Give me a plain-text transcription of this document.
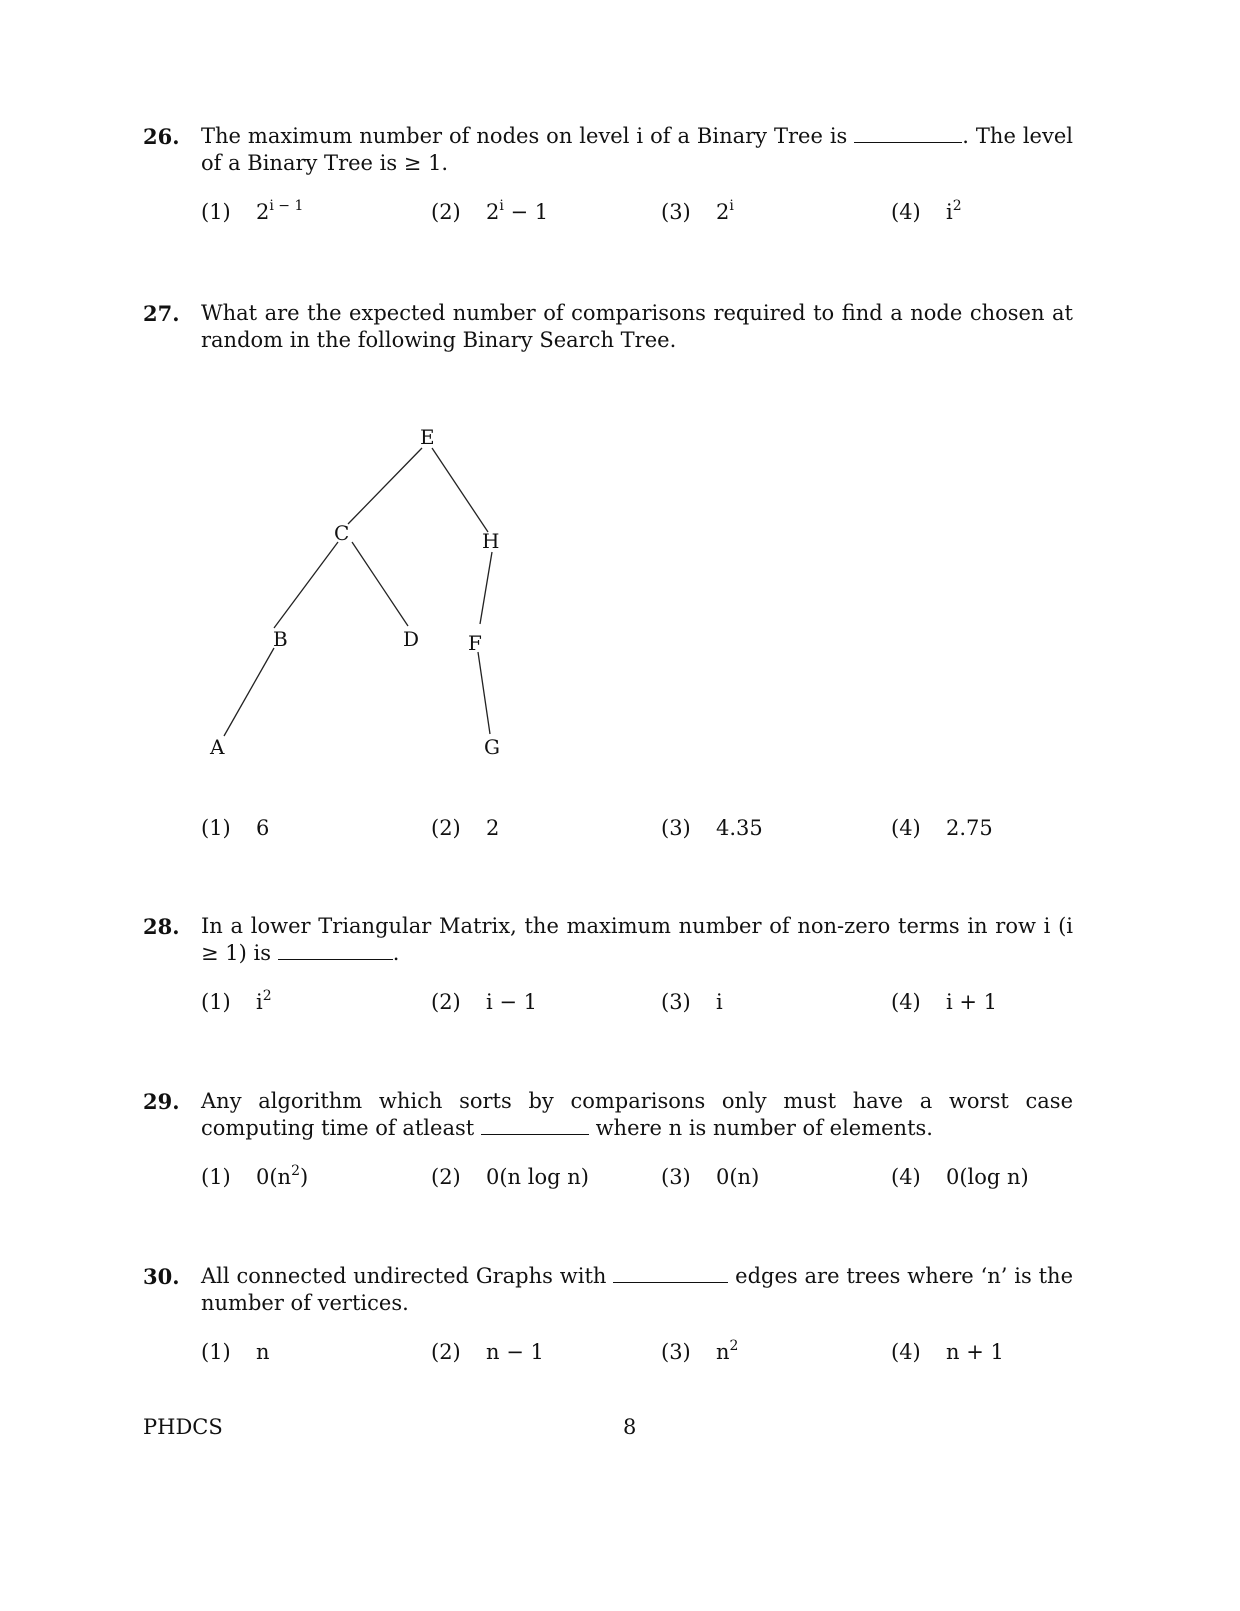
26. The maximum number of nodes on level i of a Binary Tree is	. The level of a Binary Tree is ≥ 1.
(1) $2^{i - 1}$	(2) $2^i - 1$	(3) 2$^i$	(4) $i^2$
27. What are the expected number of comparisons required to find a node chosen at random in the following Binary Search Tree.
E
C	H
B	D F
A	G
(1) 6	(2) 2	(3) 4.35	(4) 2.75
28. In a lower Triangular Matrix, the maximum number of non-zero terms in row i (i ≥ 1) is	.
(1) $i^2$	(2) i − 1	(3) i	(4) i + 1
29. Any algorithm which sorts by comparisons only must have a worst case computing time of atleast	where n is number of elements.
(1) $0(n^2)$	(2) 0(n log n)	(3) 0(n)	(4) 0(log n)
30. All connected undirected Graphs with	edges are trees where ‘n’ is the number of vertices.
(1) n	(2) n − 1	(3) $n^2$	(4) n + 1
PHDCS	8
